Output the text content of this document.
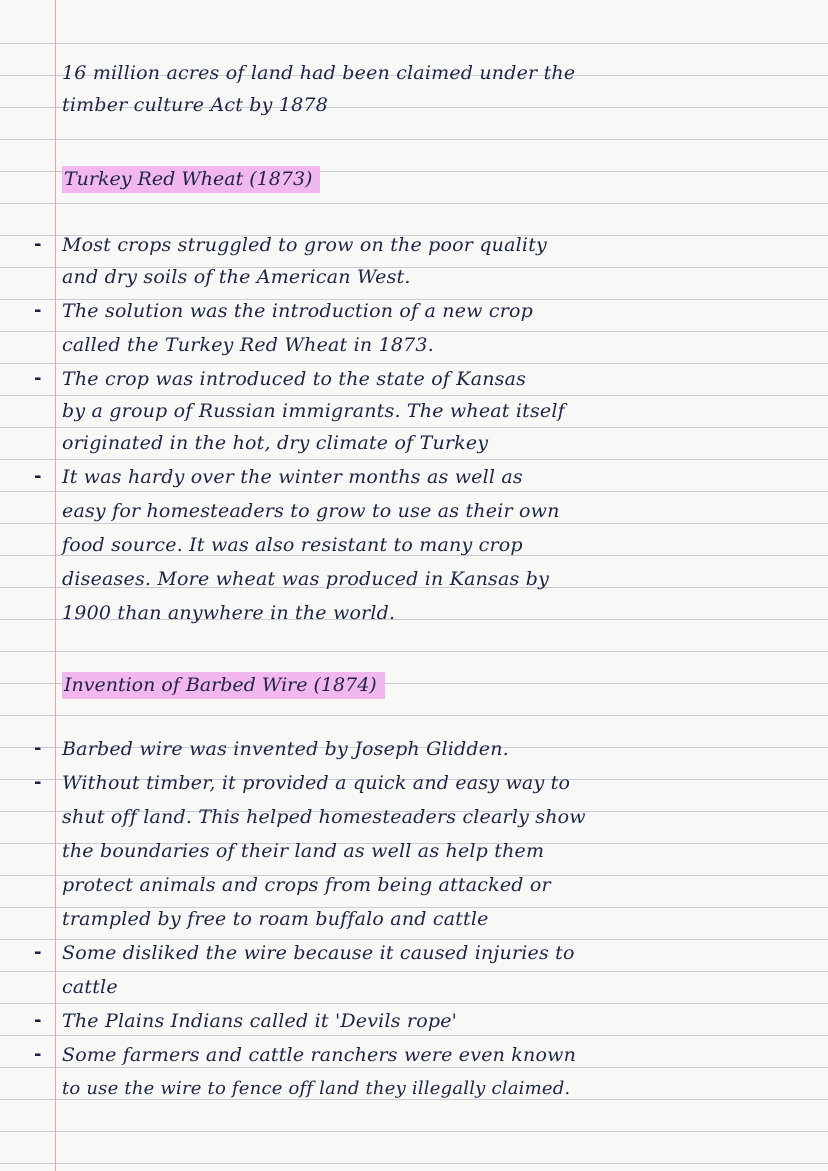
16 million acres of land had been claimed under the
timber culture Act by 1878
Turkey Red Wheat (1873)
- Most crops struggled to grow on the poor quality
and dry soils of the American West.
- The solution was the introduction of a new crop
called the Turkey Red Wheat in 1873.
- The crop was introduced to the state of Kansas
by a group of Russian immigrants. The wheat itself
originated in the hot, dry climate of Turkey
- It was hardy over the winter months as well as
easy for homesteaders to grow to use as their own
food source. It was also resistant to many crop
diseases. More wheat was produced in Kansas by
1900 than anywhere in the world.
Invention of Barbed Wire (1874)
- Barbed wire was invented by Joseph Glidden.
- Without timber, it provided a quick and easy way to
shut off land. This helped homesteaders clearly show
the boundaries of their land as well as help them
protect animals and crops from being attacked or
trampled by free to roam buffalo and cattle
- Some disliked the wire because it caused injuries to
cattle
- The Plains Indians called it 'Devils rope'
- Some farmers and cattle ranchers were even known
to use the wire to fence off land they illegally claimed.
